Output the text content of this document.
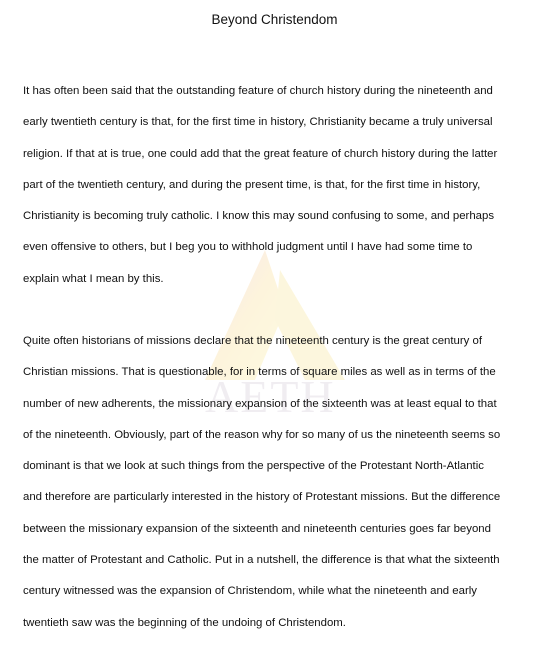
AETH
Beyond Christendom

It has often been said that the outstanding feature of church history during the nineteenth and
early twentieth century is that, for the first time in history, Christianity became a truly universal
religion. If that at is true, one could add that the great feature of church history during the latter
part of the twentieth century, and during the present time, is that, for the first time in history,
Christianity is becoming truly catholic. I know this may sound confusing to some, and perhaps
even offensive to others, but I beg you to withhold judgment until I have had some time to
explain what I mean by this.

Quite often historians of missions declare that the nineteenth century is the great century of
Christian missions. That is questionable, for in terms of square miles as well as in terms of the
number of new adherents, the missionary expansion of the sixteenth was at least equal to that
of the nineteenth. Obviously, part of the reason why for so many of us the nineteenth seems so
dominant is that we look at such things from the perspective of the Protestant North-Atlantic
and therefore are particularly interested in the history of Protestant missions. But the difference
between the missionary expansion of the sixteenth and nineteenth centuries goes far beyond
the matter of Protestant and Catholic. Put in a nutshell, the difference is that what the sixteenth
century witnessed was the expansion of Christendom, while what the nineteenth and early
twentieth saw was the beginning of the undoing of Christendom.
